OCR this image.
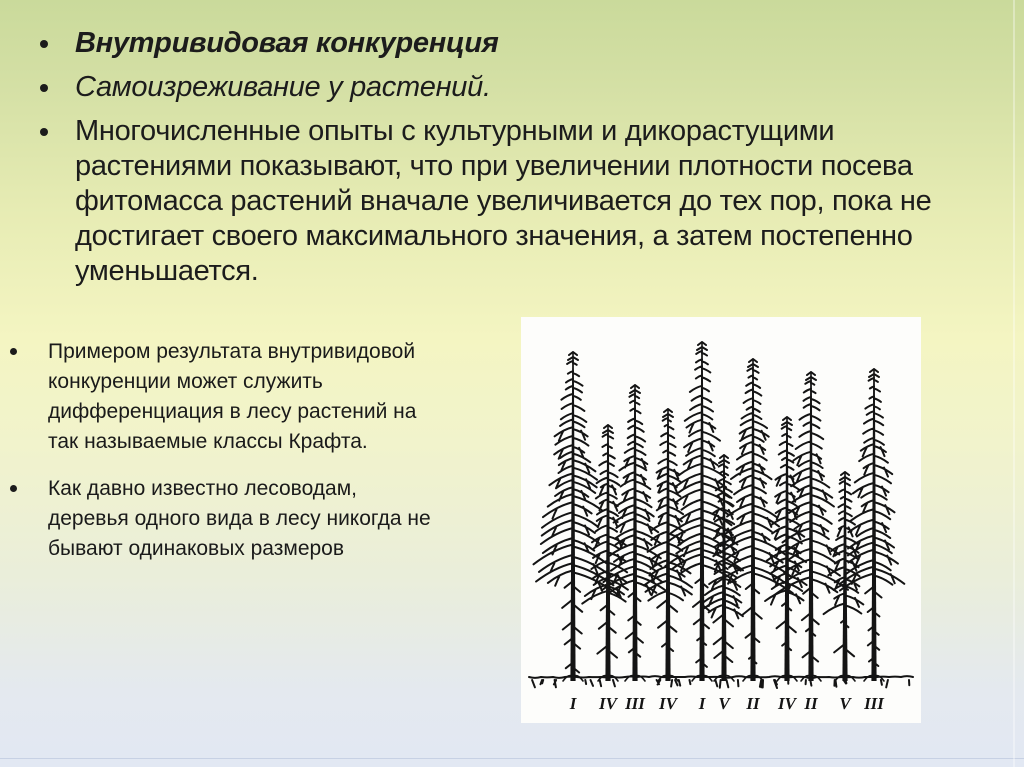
Внутривидовая конкуренция
Самоизреживание у растений.
Многочисленные опыты с культурными и дикорастущими растениями показывают, что при увеличении плотности посева фитомасса растений вначале увеличивается до тех пор, пока не достигает своего максимального значения, а затем постепенно уменьшается.
Примером результата внутривидовой конкуренции может служить дифференциация в лесу растений на так называемые классы Крафта.
Как давно известно лесоводам, деревья одного вида в лесу никогда не бывают одинаковых размеров
I IV III IV I V II IV II V III
